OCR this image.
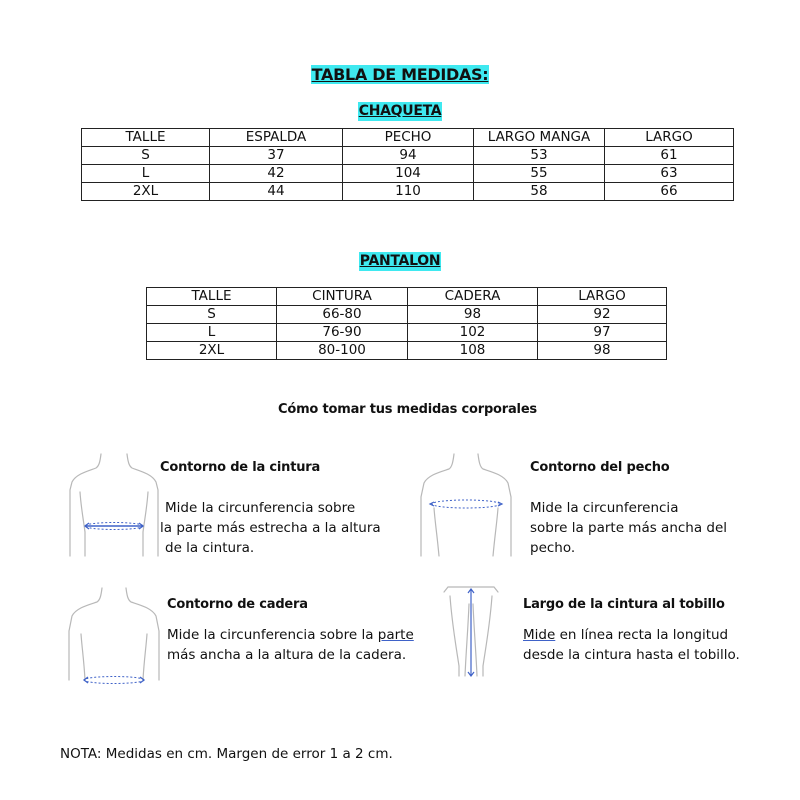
TABLA DE MEDIDAS:
CHAQUETA
TALLE	ESPALDA	PECHO	LARGO MANGA	LARGO
S	37	94	53	61
L	42	104	55	63
2XL	44	110	58	66
PANTALON
TALLE	CINTURA	CADERA	LARGO
S	66-80	98	92
L	76-90	102	97
2XL	80-100	108	98
Cómo tomar tus medidas corporales

Contorno de la cintura

Mide la circunferencia sobre
la parte más estrecha a la altura
de la cintura.

Contorno del pecho

Mide la circunferencia
sobre la parte más ancha del
pecho.

Contorno de cadera

Mide la circunferencia sobre la parte
más ancha a la altura de la cadera.

Largo de la cintura al tobillo

Mide en línea recta la longitud
desde la cintura hasta el tobillo.

NOTA: Medidas en cm. Margen de error 1 a 2 cm.
